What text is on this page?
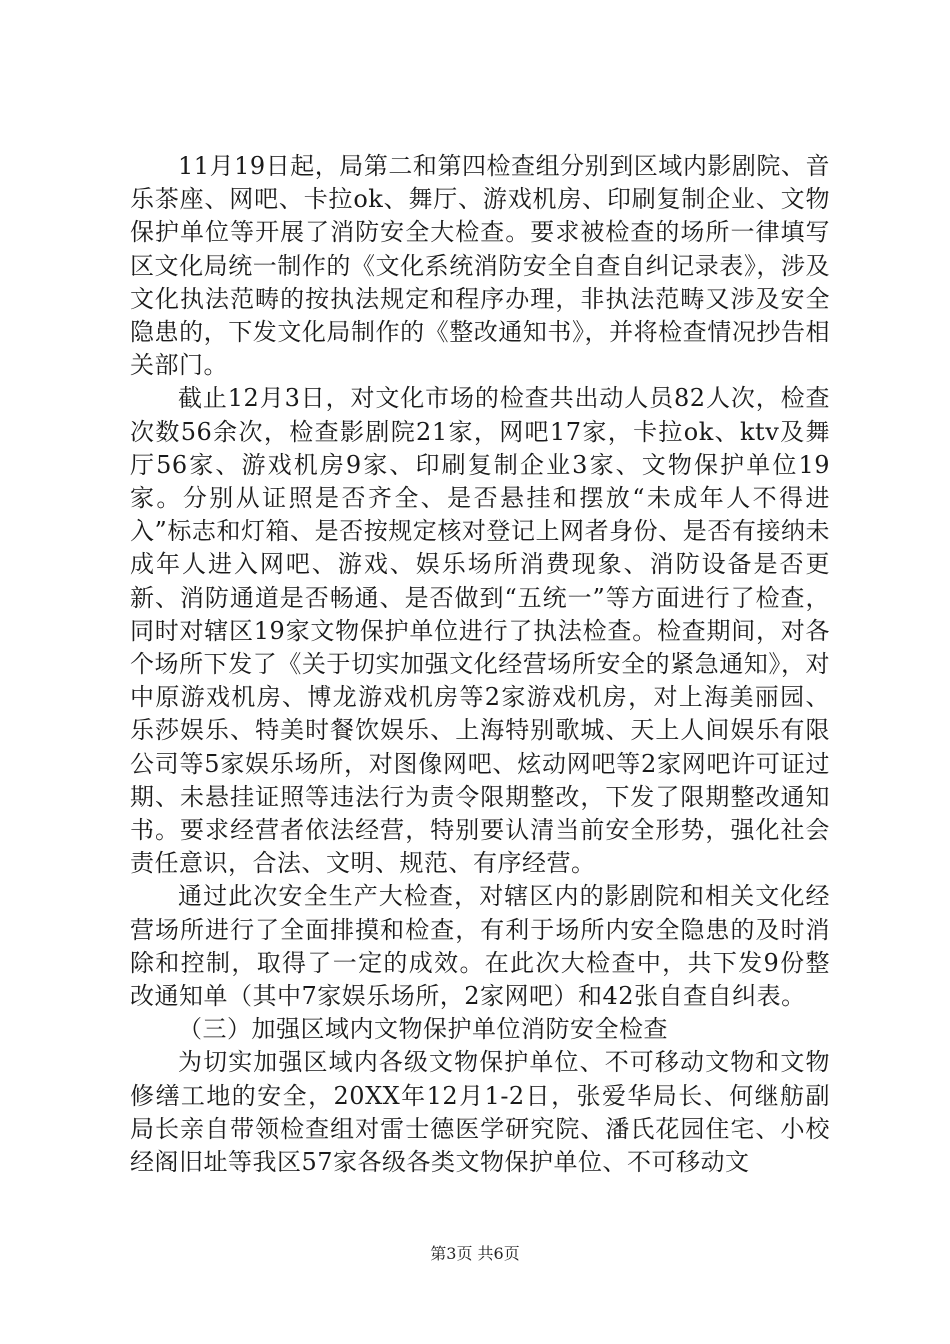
11月19日起，局第二和第四检查组分别到区域内影剧院、音乐茶座、网吧、卡拉ok、舞厅、游戏机房、印刷复制企业、文物保护单位等开展了消防安全大检查。要求被检查的场所一律填写区文化局统一制作的《文化系统消防安全自查自纠记录表》，涉及文化执法范畴的按执法规定和程序办理，非执法范畴又涉及安全隐患的，下发文化局制作的《整改通知书》，并将检查情况抄告相关部门。

截止12月3日，对文化市场的检查共出动人员82人次，检查次数56余次，检查影剧院21家，网吧17家，卡拉ok、ktv及舞厅56家、游戏机房9家、印刷复制企业3家、文物保护单位19家。分别从证照是否齐全、是否悬挂和摆放“未成年人不得进入”标志和灯箱、是否按规定核对登记上网者身份、是否有接纳未成年人进入网吧、游戏、娱乐场所消费现象、消防设备是否更新、消防通道是否畅通、是否做到“五统一”等方面进行了检查，同时对辖区19家文物保护单位进行了执法检查。检查期间，对各个场所下发了《关于切实加强文化经营场所安全的紧急通知》，对中原游戏机房、博龙游戏机房等2家游戏机房，对上海美丽园、乐莎娱乐、特美时餐饮娱乐、上海特别歌城、天上人间娱乐有限公司等5家娱乐场所，对图像网吧、炫动网吧等2家网吧许可证过期、未悬挂证照等违法行为责令限期整改，下发了限期整改通知书。要求经营者依法经营，特别要认清当前安全形势，强化社会责任意识，合法、文明、规范、有序经营。

通过此次安全生产大检查，对辖区内的影剧院和相关文化经营场所进行了全面排摸和检查，有利于场所内安全隐患的及时消除和控制，取得了一定的成效。在此次大检查中，共下发9份整改通知单（其中7家娱乐场所，2家网吧）和42张自查自纠表。

（三）加强区域内文物保护单位消防安全检查

为切实加强区域内各级文物保护单位、不可移动文物和文物修缮工地的安全，20XX年12月1-2日，张爱华局长、何继舫副局长亲自带领检查组对雷士德医学研究院、潘氏花园住宅、小校经阁旧址等我区57家各级各类文物保护单位、不可移动文

第3页 共6页
